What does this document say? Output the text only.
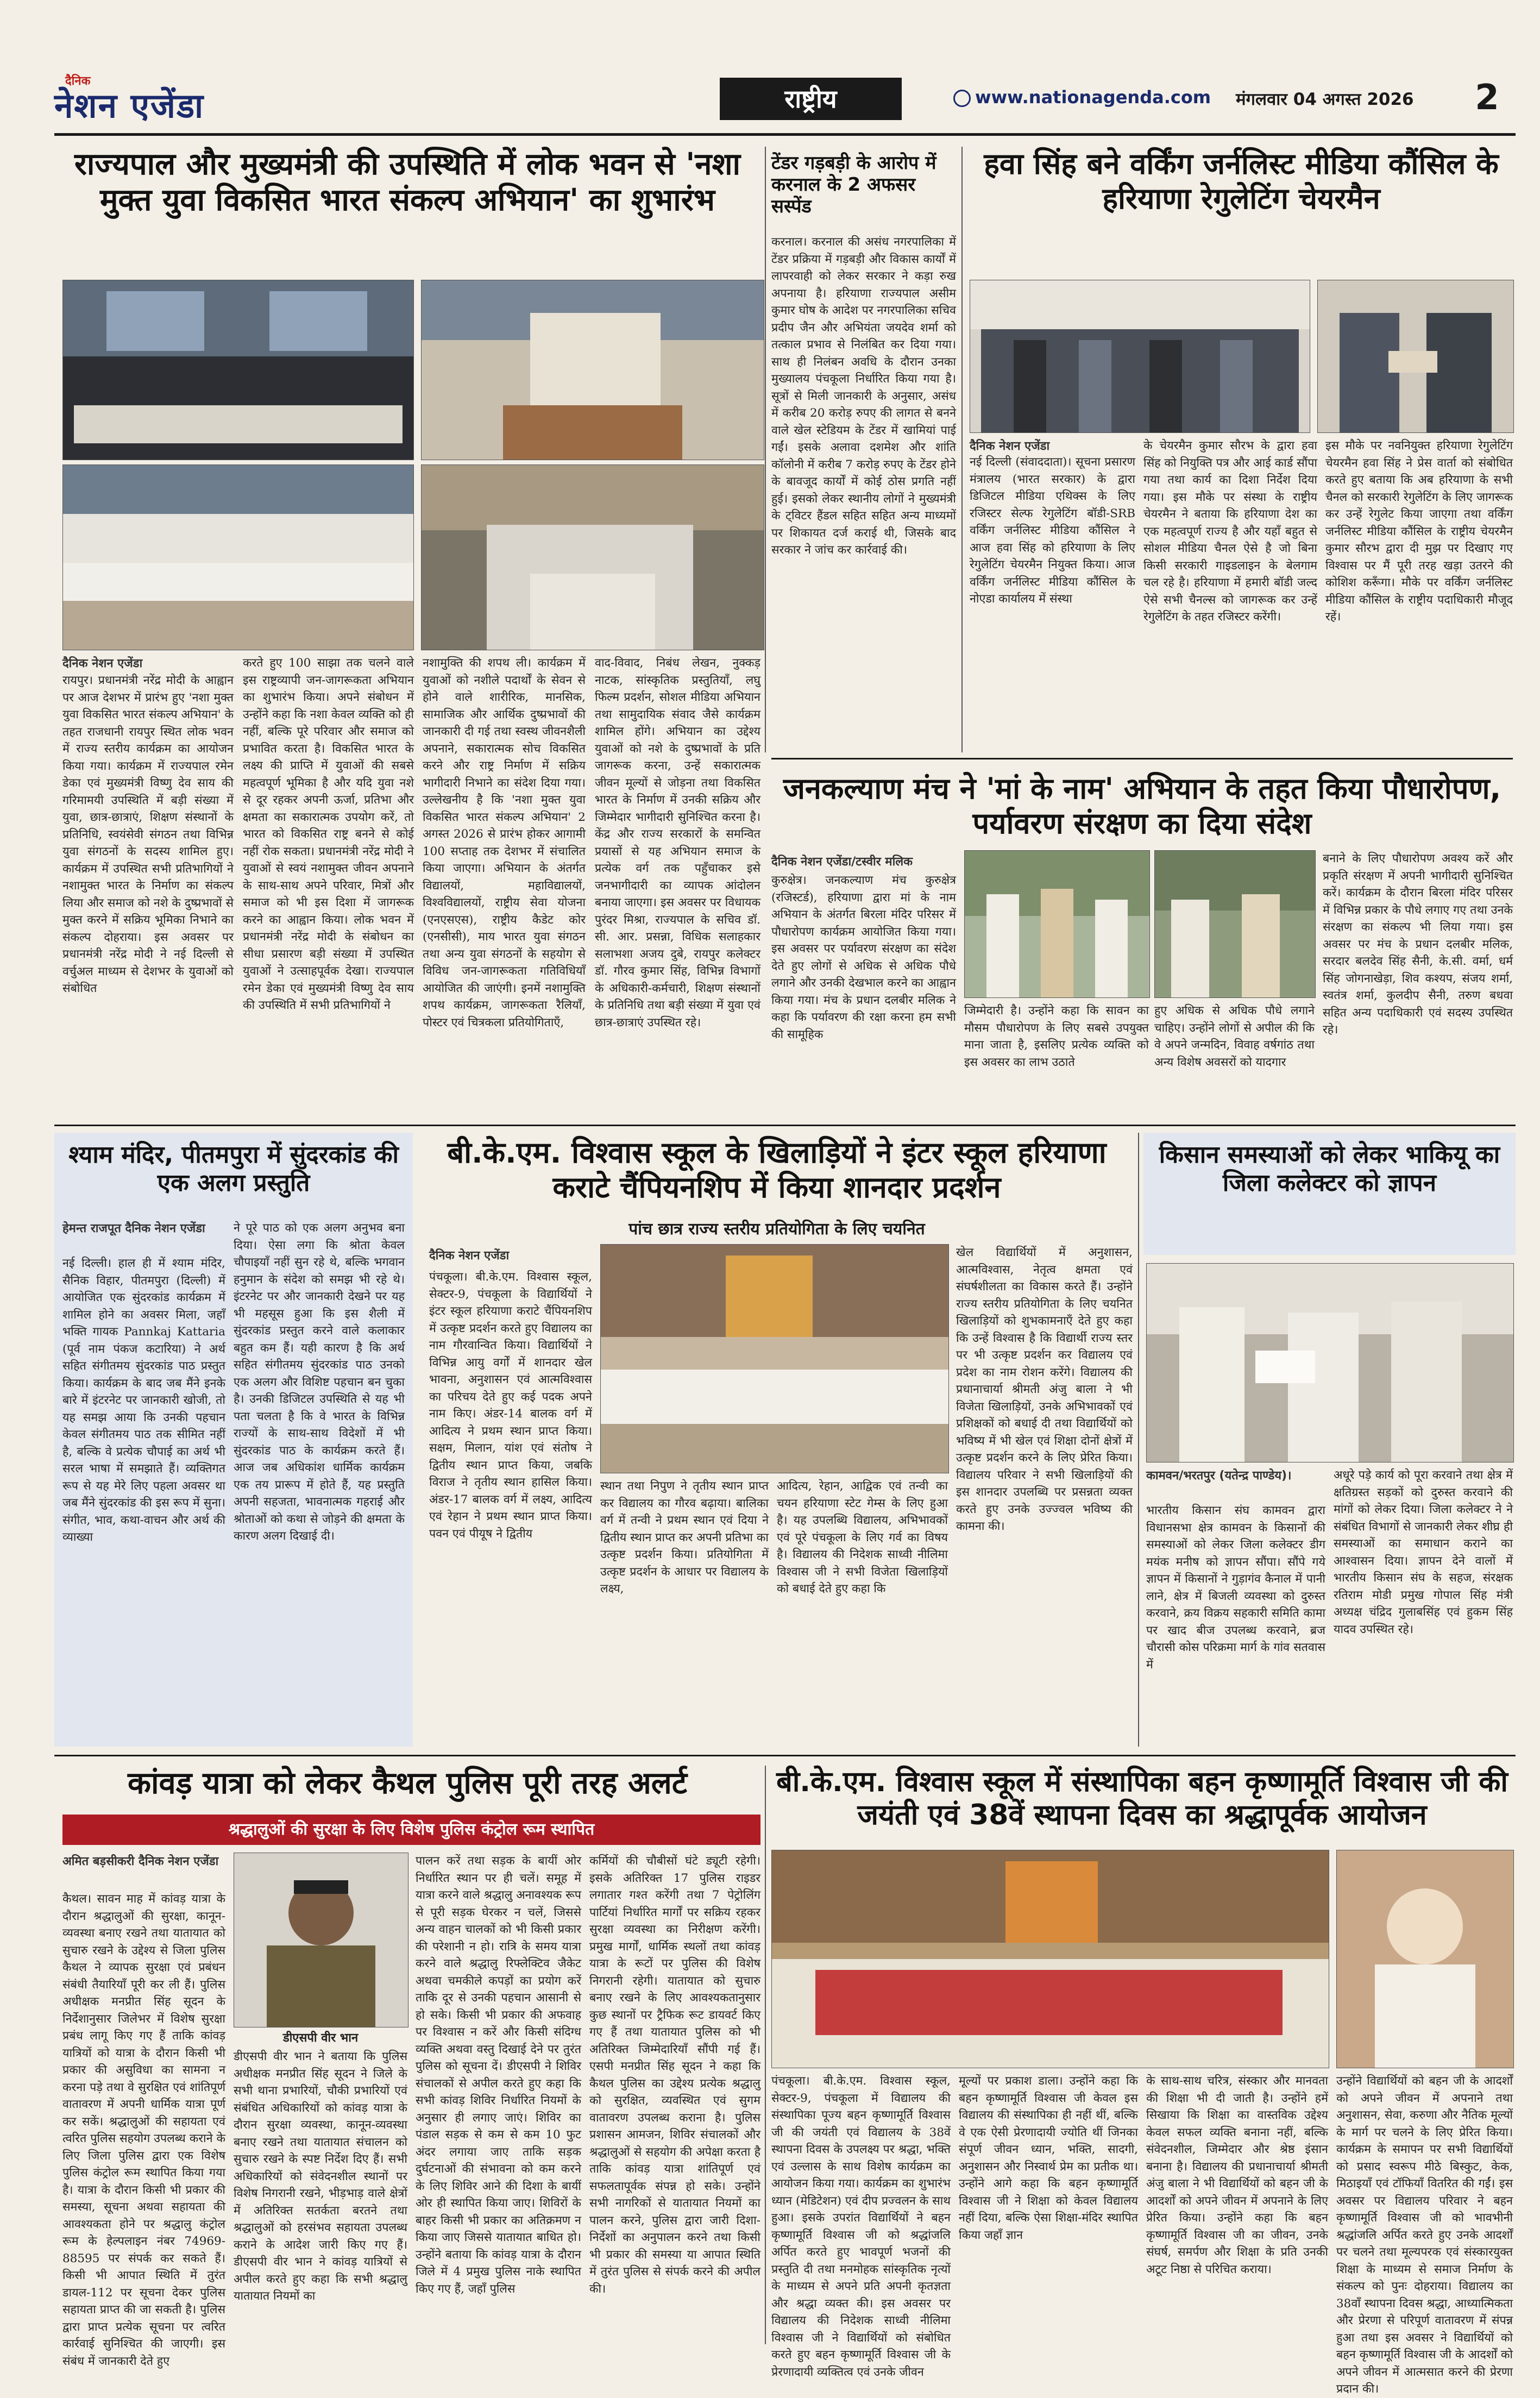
दैनिक
नेशन एजेंडा	राष्ट्रीय	www.nationagenda.com मंगलवार 04 अगस्त 2026 2
राज्यपाल और मुख्यमंत्री की उपस्थिति में लोक भवन से 'नशा मुक्त युवा विकसित भारत संकल्प अभियान' का शुभारंभ
दैनिक नेशन एजेंडा
रायपुर। प्रधानमंत्री नरेंद्र मोदी के आह्वान पर आज देशभर में प्रारंभ हुए 'नशा मुक्त युवा विकसित भारत संकल्प अभियान' के तहत राजधानी रायपुर स्थित लोक भवन में राज्य स्तरीय कार्यक्रम का आयोजन किया गया। कार्यक्रम में राज्यपाल रमेन डेका एवं मुख्यमंत्री विष्णु देव साय की गरिमामयी उपस्थिति में बड़ी संख्या में युवा, छात्र-छात्राएं, शिक्षण संस्थानों के प्रतिनिधि, स्वयंसेवी संगठन तथा विभिन्न युवा संगठनों के सदस्य शामिल हुए। कार्यक्रम में उपस्थित सभी प्रतिभागियों ने नशामुक्त भारत के निर्माण का संकल्प लिया और समाज को नशे के दुष्प्रभावों से मुक्त करने में सक्रिय भूमिका निभाने का संकल्प दोहराया। इस अवसर पर प्रधानमंत्री नरेंद्र मोदी ने नई दिल्ली से वर्चुअल माध्यम से देशभर के युवाओं को संबोधित
करते हुए 100 साझा तक चलने वाले इस राष्ट्रव्यापी जन-जागरूकता अभियान का शुभारंभ किया। अपने संबोधन में उन्होंने कहा कि नशा केवल व्यक्ति को ही नहीं, बल्कि पूरे परिवार और समाज को प्रभावित करता है। विकसित भारत के लक्ष्य की प्राप्ति में युवाओं की सबसे महत्वपूर्ण भूमिका है और यदि युवा नशे से दूर रहकर अपनी ऊर्जा, प्रतिभा और क्षमता का सकारात्मक उपयोग करें, तो भारत को विकसित राष्ट्र बनने से कोई नहीं रोक सकता। प्रधानमंत्री नरेंद्र मोदी ने युवाओं से स्वयं नशामुक्त जीवन अपनाने के साथ-साथ अपने परिवार, मित्रों और समाज को भी इस दिशा में जागरूक करने का आह्वान किया। लोक भवन में प्रधानमंत्री नरेंद्र मोदी के संबोधन का सीधा प्रसारण बड़ी संख्या में उपस्थित युवाओं ने उत्साहपूर्वक देखा। राज्यपाल रमेन डेका एवं मुख्यमंत्री विष्णु देव साय की उपस्थिति में सभी प्रतिभागियों ने
नशामुक्ति की शपथ ली। कार्यक्रम में युवाओं को नशीले पदार्थों के सेवन से होने वाले शारीरिक, मानसिक, सामाजिक और आर्थिक दुष्प्रभावों की जानकारी दी गई तथा स्वस्थ जीवनशैली अपनाने, सकारात्मक सोच विकसित करने और राष्ट्र निर्माण में सक्रिय भागीदारी निभाने का संदेश दिया गया। उल्लेखनीय है कि 'नशा मुक्त युवा विकसित भारत संकल्प अभियान' 2 अगस्त 2026 से प्रारंभ होकर आगामी 100 सप्ताह तक देशभर में संचालित किया जाएगा। अभियान के अंतर्गत विद्यालयों, महाविद्यालयों, विश्वविद्यालयों, राष्ट्रीय सेवा योजना (एनएसएस), राष्ट्रीय कैडेट कोर (एनसीसी), माय भारत युवा संगठन तथा अन्य युवा संगठनों के सहयोग से विविध जन-जागरूकता गतिविधियाँ आयोजित की जाएंगी। इनमें नशामुक्ति शपथ कार्यक्रम, जागरूकता रैलियाँ, पोस्टर एवं चित्रकला प्रतियोगिताएँ,
वाद-विवाद, निबंध लेखन, नुक्कड़ नाटक, सांस्कृतिक प्रस्तुतियाँ, लघु फिल्म प्रदर्शन, सोशल मीडिया अभियान तथा सामुदायिक संवाद जैसे कार्यक्रम शामिल होंगे। अभियान का उद्देश्य युवाओं को नशे के दुष्प्रभावों के प्रति जागरूक करना, उन्हें सकारात्मक जीवन मूल्यों से जोड़ना तथा विकसित भारत के निर्माण में उनकी सक्रिय और जिम्मेदार भागीदारी सुनिश्चित करना है। केंद्र और राज्य सरकारों के समन्वित प्रयासों से यह अभियान समाज के प्रत्येक वर्ग तक पहुँचाकर इसे जनभागीदारी का व्यापक आंदोलन बनाया जाएगा। इस अवसर पर विधायक पुरंदर मिश्रा, राज्यपाल के सचिव डॉ. सी. आर. प्रसन्ना, विधिक सलाहकार सलाभशा अजय दुबे, रायपुर कलेक्टर डॉ. गौरव कुमार सिंह, विभिन्न विभागों के अधिकारी-कर्मचारी, शिक्षण संस्थानों के प्रतिनिधि तथा बड़ी संख्या में युवा एवं छात्र-छात्राएं उपस्थित रहे।
टेंडर गड़बड़ी के आरोप में करनाल के 2 अफसर सस्पेंड
करनाल। करनाल की असंध नगरपालिका में टेंडर प्रक्रिया में गड़बड़ी और विकास कार्यों में लापरवाही को लेकर सरकार ने कड़ा रुख अपनाया है। हरियाणा राज्यपाल असीम कुमार घोष के आदेश पर नगरपालिका सचिव प्रदीप जैन और अभियंता जयदेव शर्मा को तत्काल प्रभाव से निलंबित कर दिया गया। साथ ही निलंबन अवधि के दौरान उनका मुख्यालय पंचकूला निर्धारित किया गया है। सूत्रों से मिली जानकारी के अनुसार, असंध में करीब 20 करोड़ रुपए की लागत से बनने वाले खेल स्टेडियम के टेंडर में खामियां पाई गईं। इसके अलावा दशमेश और शांति कॉलोनी में करीब 7 करोड़ रुपए के टेंडर होने के बावजूद कार्यों में कोई ठोस प्रगति नहीं हुई। इसको लेकर स्थानीय लोगों ने मुख्यमंत्री के ट्विटर हैंडल सहित सहित अन्य माध्यमों पर शिकायत दर्ज कराई थी, जिसके बाद सरकार ने जांच कर कार्रवाई की।
हवा सिंह बने वर्किंग जर्नलिस्ट मीडिया कौंसिल के हरियाणा रेगुलेटिंग चेयरमैन
दैनिक नेशन एजेंडा
नई दिल्ली (संवाददाता)। सूचना प्रसारण मंत्रालय (भारत सरकार) के द्वारा डिजिटल मीडिया एथिक्स के लिए रजिस्टर सेल्फ रेगुलेटिंग बॉडी-SRB वर्किंग जर्नलिस्ट मीडिया कौंसिल ने आज हवा सिंह को हरियाणा के लिए रेगुलेटिंग चेयरमैन नियुक्त किया। आज वर्किंग जर्नलिस्ट मीडिया कौंसिल के नोएडा कार्यालय में संस्था
के चेयरमैन कुमार सौरभ के द्वारा हवा सिंह को नियुक्ति पत्र और आई कार्ड सौंपा गया तथा कार्य का दिशा निर्देश दिया गया। इस मौके पर संस्था के राष्ट्रीय चेयरमैन ने बताया कि हरियाणा देश का एक महत्वपूर्ण राज्य है और यहाँ बहुत से सोशल मीडिया चैनल ऐसे है जो बिना किसी सरकारी गाइडलाइन के बेलगाम चल रहे है। हरियाणा में हमारी बॉडी जल्द ऐसे सभी चैनल्स को जागरूक कर उन्हें रेगुलेटिंग के तहत रजिस्टर करेंगी।
इस मौके पर नवनियुक्त हरियाणा रेगुलेटिंग चेयरमैन हवा सिंह ने प्रेस वार्ता को संबोधित करते हुए बताया कि अब हरियाणा के सभी चैनल को सरकारी रेगुलेटिंग के लिए जागरूक कर उन्हें रेगुलेट किया जाएगा तथा वर्किंग जर्नलिस्ट मीडिया कौंसिल के राष्ट्रीय चेयरमैन कुमार सौरभ द्वारा दी मुझ पर दिखाए गए विश्वास पर मैं पूरी तरह खड़ा उतरने की कोशिश करूँगा। मौके पर वर्किंग जर्नलिस्ट मीडिया कौंसिल के राष्ट्रीय पदाधिकारी मौजूद रहें।
जनकल्याण मंच ने 'मां के नाम' अभियान के तहत किया पौधारोपण, पर्यावरण संरक्षण का दिया संदेश
दैनिक नेशन एजेंडा/टस्वीर मलिक
कुरुक्षेत्र। जनकल्याण मंच कुरुक्षेत्र (रजिस्टर्ड), हरियाणा द्वारा मां के नाम अभियान के अंतर्गत बिरला मंदिर परिसर में पौधारोपण कार्यक्रम आयोजित किया गया। इस अवसर पर पर्यावरण संरक्षण का संदेश देते हुए लोगों से अधिक से अधिक पौधे लगाने और उनकी देखभाल करने का आह्वान किया गया। मंच के प्रधान दलबीर मलिक ने कहा कि पर्यावरण की रक्षा करना हम सभी की सामूहिक
जिम्मेदारी है। उन्होंने कहा कि सावन का मौसम पौधारोपण के लिए सबसे उपयुक्त माना जाता है, इसलिए प्रत्येक व्यक्ति को इस अवसर का लाभ उठाते
हुए अधिक से अधिक पौधे लगाने चाहिए। उन्होंने लोगों से अपील की कि वे अपने जन्मदिन, विवाह वर्षगांठ तथा अन्य विशेष अवसरों को यादगार
बनाने के लिए पौधारोपण अवश्य करें और प्रकृति संरक्षण में अपनी भागीदारी सुनिश्चित करें। कार्यक्रम के दौरान बिरला मंदिर परिसर में विभिन्न प्रकार के पौधे लगाए गए तथा उनके संरक्षण का संकल्प भी लिया गया। इस अवसर पर मंच के प्रधान दलबीर मलिक, सरदार बलदेव सिंह सैनी, के.सी. वर्मा, धर्म सिंह जोगनाखेड़ा, शिव कश्यप, संजय शर्मा, स्वतंत्र शर्मा, कुलदीप सैनी, तरुण बधवा सहित अन्य पदाधिकारी एवं सदस्य उपस्थित रहे।
श्याम मंदिर, पीतमपुरा में सुंदरकांड की एक अलग प्रस्तुति
हेमन्त राजपूत दैनिक नेशन एजेंडा
नई दिल्ली। हाल ही में श्याम मंदिर, सैनिक विहार, पीतमपुरा (दिल्ली) में आयोजित एक सुंदरकांड कार्यक्रम में शामिल होने का अवसर मिला, जहाँ भक्ति गायक Pannkaj Kattaria (पूर्व नाम पंकज कटारिया) ने अर्थ सहित संगीतमय सुंदरकांड पाठ प्रस्तुत किया। कार्यक्रम के बाद जब मैंने इनके बारे में इंटरनेट पर जानकारी खोजी, तो यह समझ आया कि उनकी पहचान केवल संगीतमय पाठ तक सीमित नहीं है, बल्कि वे प्रत्येक चौपाई का अर्थ भी सरल भाषा में समझाते हैं। व्यक्तिगत रूप से यह मेरे लिए पहला अवसर था जब मैंने सुंदरकांड की इस रूप में सुना। संगीत, भाव, कथा-वाचन और अर्थ की व्याख्या
ने पूरे पाठ को एक अलग अनुभव बना दिया। ऐसा लगा कि श्रोता केवल चौपाइयाँ नहीं सुन रहे थे, बल्कि भगवान हनुमान के संदेश को समझ भी रहे थे। इंटरनेट पर और जानकारी देखने पर यह भी महसूस हुआ कि इस शैली में सुंदरकांड प्रस्तुत करने वाले कलाकार बहुत कम हैं। यही कारण है कि अर्थ सहित संगीतमय सुंदरकांड पाठ उनको एक अलग और विशिष्ट पहचान बन चुका है। उनकी डिजिटल उपस्थिति से यह भी पता चलता है कि वे भारत के विभिन्न राज्यों के साथ-साथ विदेशों में भी सुंदरकांड पाठ के कार्यक्रम करते हैं। आज जब अधिकांश धार्मिक कार्यक्रम एक तय प्रारूप में होते हैं, यह प्रस्तुति अपनी सहजता, भावनात्मक गहराई और श्रोताओं को कथा से जोड़ने की क्षमता के कारण अलग दिखाई दी।
बी.के.एम. विश्वास स्कूल के खिलाड़ियों ने इंटर स्कूल हरियाणा कराटे चैंपियनशिप में किया शानदार प्रदर्शन
पांच छात्र राज्य स्तरीय प्रतियोगिता के लिए चयनित
दैनिक नेशन एजेंडा
पंचकूला। बी.के.एम. विश्वास स्कूल, सेक्टर-9, पंचकूला के विद्यार्थियों ने इंटर स्कूल हरियाणा कराटे चैंपियनशिप में उत्कृष्ट प्रदर्शन करते हुए विद्यालय का नाम गौरवान्वित किया। विद्यार्थियों ने विभिन्न आयु वर्गों में शानदार खेल भावना, अनुशासन एवं आत्मविश्वास का परिचय देते हुए कई पदक अपने नाम किए। अंडर-14 बालक वर्ग में आदित्य ने प्रथम स्थान प्राप्त किया। सक्षम, मिलान, यांश एवं संतोष ने द्वितीय स्थान प्राप्त किया, जबकि विराज ने तृतीय स्थान हासिल किया। अंडर-17 बालक वर्ग में लक्ष्य, आदित्य एवं रेहान ने प्रथम स्थान प्राप्त किया। पवन एवं पीयूष ने द्वितीय
स्थान तथा निपुण ने तृतीय स्थान प्राप्त कर विद्यालय का गौरव बढ़ाया। बालिका वर्ग में तन्वी ने प्रथम स्थान एवं दिया ने द्वितीय स्थान प्राप्त कर अपनी प्रतिभा का उत्कृष्ट प्रदर्शन किया। प्रतियोगिता में उत्कृष्ट प्रदर्शन के आधार पर विद्यालय के लक्ष्य,
आदित्य, रेहान, आद्विक एवं तन्वी का चयन हरियाणा स्टेट गेम्स के लिए हुआ है। यह उपलब्धि विद्यालय, अभिभावकों एवं पूरे पंचकूला के लिए गर्व का विषय है। विद्यालय की निदेशक साध्वी नीलिमा विश्वास जी ने सभी विजेता खिलाड़ियों को बधाई देते हुए कहा कि
खेल विद्यार्थियों में अनुशासन, आत्मविश्वास, नेतृत्व क्षमता एवं संघर्षशीलता का विकास करते हैं। उन्होंने राज्य स्तरीय प्रतियोगिता के लिए चयनित खिलाड़ियों को शुभकामनाएँ देते हुए कहा कि उन्हें विश्वास है कि विद्यार्थी राज्य स्तर पर भी उत्कृष्ट प्रदर्शन कर विद्यालय एवं प्रदेश का नाम रोशन करेंगे। विद्यालय की प्रधानाचार्या श्रीमती अंजु बाला ने भी विजेता खिलाड़ियों, उनके अभिभावकों एवं प्रशिक्षकों को बधाई दी तथा विद्यार्थियों को भविष्य में भी खेल एवं शिक्षा दोनों क्षेत्रों में उत्कृष्ट प्रदर्शन करने के लिए प्रेरित किया। विद्यालय परिवार ने सभी खिलाड़ियों की इस शानदार उपलब्धि पर प्रसन्नता व्यक्त करते हुए उनके उज्ज्वल भविष्य की कामना की।
किसान समस्याओं को लेकर भाकियू का जिला कलेक्टर को ज्ञापन
कामवन/भरतपुर (यतेन्द्र पाण्डेय)।
भारतीय किसान संघ कामवन द्वारा विधानसभा क्षेत्र कामवन के किसानों की समस्याओं को लेकर जिला कलेक्टर डीग मयंक मनीष को ज्ञापन सौंपा। सौंपे गये ज्ञापन में किसानों ने गुड़ागंव कैनाल में पानी लाने, क्षेत्र में बिजली व्यवस्था को दुरुस्त करवाने, क्रय विक्रय सहकारी समिति कामा पर खाद बीज उपलब्ध करवाने, ब्रज चौरासी कोस परिक्रमा मार्ग के गांव सतवास में
अधूरे पड़े कार्य को पूरा करवाने तथा क्षेत्र में क्षतिग्रस्त सड़कों को दुरुस्त करवाने की मांगों को लेकर दिया। जिला कलेक्टर ने ने संबंधित विभागों से जानकारी लेकर शीघ्र ही समस्याओं का समाधान कराने का आश्वासन दिया। ज्ञापन देने वालों में भारतीय किसान संघ के सहज, संरक्षक रतिराम मोडी प्रमुख गोपाल सिंह मंत्री अध्यक्ष चंद्रिद गुलाबसिंह एवं हुकम सिंह यादव उपस्थित रहे।
कांवड़ यात्रा को लेकर कैथल पुलिस पूरी तरह अलर्ट
श्रद्धालुओं की सुरक्षा के लिए विशेष पुलिस कंट्रोल रूम स्थापित
अमित बड़सीकरी दैनिक नेशन एजेंडा
कैथल। सावन माह में कांवड़ यात्रा के दौरान श्रद्धालुओं की सुरक्षा, कानून-व्यवस्था बनाए रखने तथा यातायात को सुचारु रखने के उद्देश्य से जिला पुलिस कैथल ने व्यापक सुरक्षा एवं प्रबंधन संबंधी तैयारियाँ पूरी कर ली हैं। पुलिस अधीक्षक मनप्रीत सिंह सूदन के निर्देशानुसार जिलेभर में विशेष सुरक्षा प्रबंध लागू किए गए हैं ताकि कांवड़ यात्रियों को यात्रा के दौरान किसी भी प्रकार की असुविधा का सामना न करना पड़े तथा वे सुरक्षित एवं शांतिपूर्ण वातावरण में अपनी धार्मिक यात्रा पूर्ण कर सकें। श्रद्धालुओं की सहायता एवं त्वरित पुलिस सहयोग उपलब्ध कराने के लिए जिला पुलिस द्वारा एक विशेष पुलिस कंट्रोल रूम स्थापित किया गया है। यात्रा के दौरान किसी भी प्रकार की समस्या, सूचना अथवा सहायता की आवश्यकता होने पर श्रद्धालु कंट्रोल रूम के हेल्पलाइन नंबर 74969-88595 पर संपर्क कर सकते हैं। किसी भी आपात स्थिति में तुरंत डायल-112 पर सूचना देकर पुलिस सहायता प्राप्त की जा सकती है। पुलिस द्वारा प्राप्त प्रत्येक सूचना पर त्वरित कार्रवाई सुनिश्चित की जाएगी। इस संबंध में जानकारी देते हुए
डीएसपी वीर भान
डीएसपी वीर भान ने बताया कि पुलिस अधीक्षक मनप्रीत सिंह सूदन ने जिले के सभी थाना प्रभारियों, चौकी प्रभारियों एवं संबंधित अधिकारियों को कांवड़ यात्रा के दौरान सुरक्षा व्यवस्था, कानून-व्यवस्था बनाए रखने तथा यातायात संचालन को सुचारु रखने के स्पष्ट निर्देश दिए हैं। सभी अधिकारियों को संवेदनशील स्थानों पर विशेष निगरानी रखने, भीड़भाड़ वाले क्षेत्रों में अतिरिक्त सतर्कता बरतने तथा श्रद्धालुओं को हरसंभव सहायता उपलब्ध कराने के आदेश जारी किए गए हैं। डीएसपी वीर भान ने कांवड़ यात्रियों से अपील करते हुए कहा कि सभी श्रद्धालु यातायात नियमों का
पालन करें तथा सड़क के बायीं ओर निर्धारित स्थान पर ही चलें। समूह में यात्रा करने वाले श्रद्धालु अनावश्यक रूप से पूरी सड़क घेरकर न चलें, जिससे अन्य वाहन चालकों को भी किसी प्रकार की परेशानी न हो। रात्रि के समय यात्रा करने वाले श्रद्धालु रिफ्लेक्टिव जैकेट अथवा चमकीले कपड़ों का प्रयोग करें ताकि दूर से उनकी पहचान आसानी से हो सके। किसी भी प्रकार की अफवाह पर विश्वास न करें और किसी संदिग्ध व्यक्ति अथवा वस्तु दिखाई देने पर तुरंत पुलिस को सूचना दें। डीएसपी ने शिविर संचालकों से अपील करते हुए कहा कि सभी कांवड़ शिविर निर्धारित नियमों के अनुसार ही लगाए जाएं। शिविर का पंडाल सड़क से कम से कम 10 फुट अंदर लगाया जाए ताकि सड़क दुर्घटनाओं की संभावना को कम करने के लिए शिविर आने की दिशा के बायीं ओर ही स्थापित किया जाए। शिविरों के बाहर किसी भी प्रकार का अतिक्रमण न किया जाए जिससे यातायात बाधित हो। उन्होंने बताया कि कांवड़ यात्रा के दौरान जिले में 4 प्रमुख पुलिस नाके स्थापित किए गए हैं, जहाँ पुलिस
कर्मियों की चौबीसों घंटे ड्यूटी रहेगी। इसके अतिरिक्त 17 पुलिस राइडर लगातार गश्त करेंगी तथा 7 पेट्रोलिंग पार्टियां निर्धारित मार्गों पर सक्रिय रहकर सुरक्षा व्यवस्था का निरीक्षण करेंगी। प्रमुख मार्गों, धार्मिक स्थलों तथा कांवड़ यात्रा के रूटों पर पुलिस की विशेष निगरानी रहेगी। यातायात को सुचारु बनाए रखने के लिए आवश्यकतानुसार कुछ स्थानों पर ट्रैफिक रूट डायवर्ट किए गए हैं तथा यातायात पुलिस को भी अतिरिक्त जिम्मेदारियाँ सौंपी गई हैं। एसपी मनप्रीत सिंह सूदन ने कहा कि कैथल पुलिस का उद्देश्य प्रत्येक श्रद्धालु को सुरक्षित, व्यवस्थित एवं सुगम वातावरण उपलब्ध कराना है। पुलिस प्रशासन आमजन, शिविर संचालकों और श्रद्धालुओं से सहयोग की अपेक्षा करता है ताकि कांवड़ यात्रा शांतिपूर्ण एवं सफलतापूर्वक संपन्न हो सके। उन्होंने सभी नागरिकों से यातायात नियमों का पालन करने, पुलिस द्वारा जारी दिशा-निर्देशों का अनुपालन करने तथा किसी भी प्रकार की समस्या या आपात स्थिति में तुरंत पुलिस से संपर्क करने की अपील की।
बी.के.एम. विश्वास स्कूल में संस्थापिका बहन कृष्णामूर्ति विश्वास जी की जयंती एवं 38वें स्थापना दिवस का श्रद्धापूर्वक आयोजन
पंचकूला। बी.के.एम. विश्वास स्कूल, सेक्टर-9, पंचकूला में विद्यालय की संस्थापिका पूज्य बहन कृष्णामूर्ति विश्वास जी की जयंती एवं विद्यालय के 38वें स्थापना दिवस के उपलक्ष्य पर श्रद्धा, भक्ति एवं उल्लास के साथ विशेष कार्यक्रम का आयोजन किया गया। कार्यक्रम का शुभारंभ ध्यान (मेडिटेशन) एवं दीप प्रज्वलन के साथ हुआ। इसके उपरांत विद्यार्थियों ने बहन कृष्णामूर्ति विश्वास जी को श्रद्धांजलि अर्पित करते हुए भावपूर्ण भजनों की प्रस्तुति दी तथा मनमोहक सांस्कृतिक नृत्यों के माध्यम से अपने प्रति अपनी कृतज्ञता और श्रद्धा व्यक्त की। इस अवसर पर विद्यालय की निदेशक साध्वी नीलिमा विश्वास जी ने विद्यार्थियों को संबोधित करते हुए बहन कृष्णामूर्ति विश्वास जी के प्रेरणादायी व्यक्तित्व एवं उनके जीवन
मूल्यों पर प्रकाश डाला। उन्होंने कहा कि बहन कृष्णामूर्ति विश्वास जी केवल इस विद्यालय की संस्थापिका ही नहीं थीं, बल्कि वे एक ऐसी प्रेरणादायी ज्योति थीं जिनका संपूर्ण जीवन ध्यान, भक्ति, सादगी, अनुशासन और निस्वार्थ प्रेम का प्रतीक था। उन्होंने आगे कहा कि बहन कृष्णामूर्ति विश्वास जी ने शिक्षा को केवल विद्यालय नहीं दिया, बल्कि ऐसा शिक्षा-मंदिर स्थापित किया जहाँ ज्ञान
के साथ-साथ चरित्र, संस्कार और मानवता की शिक्षा भी दी जाती है। उन्होंने हमें सिखाया कि शिक्षा का वास्तविक उद्देश्य केवल सफल व्यक्ति बनाना नहीं, बल्कि संवेदनशील, जिम्मेदार और श्रेष्ठ इंसान बनाना है। विद्यालय की प्रधानाचार्या श्रीमती अंजु बाला ने भी विद्यार्थियों को बहन जी के आदर्शों को अपने जीवन में अपनाने के लिए प्रेरित किया। उन्होंने कहा कि बहन कृष्णामूर्ति विश्वास जी का जीवन, उनके संघर्ष, समर्पण और शिक्षा के प्रति उनकी अटूट निष्ठा से परिचित कराया।
उन्होंने विद्यार्थियों को बहन जी के आदर्शों को अपने जीवन में अपनाने तथा अनुशासन, सेवा, करुणा और नैतिक मूल्यों के मार्ग पर चलने के लिए प्रेरित किया। कार्यक्रम के समापन पर सभी विद्यार्थियों को प्रसाद स्वरूप मीठे बिस्कुट, केक, मिठाइयाँ एवं टॉफियाँ वितरित की गईं। इस अवसर पर विद्यालय परिवार ने बहन कृष्णामूर्ति विश्वास जी को भावभीनी श्रद्धांजलि अर्पित करते हुए उनके आदर्शों पर चलने तथा मूल्यपरक एवं संस्कारयुक्त शिक्षा के माध्यम से समाज निर्माण के संकल्प को पुनः दोहराया। विद्यालय का 38वाँ स्थापना दिवस श्रद्धा, आध्यात्मिकता और प्रेरणा से परिपूर्ण वातावरण में संपन्न हुआ तथा इस अवसर ने विद्यार्थियों को बहन कृष्णामूर्ति विश्वास जी के आदर्शों को अपने जीवन में आत्मसात करने की प्रेरणा प्रदान की।
